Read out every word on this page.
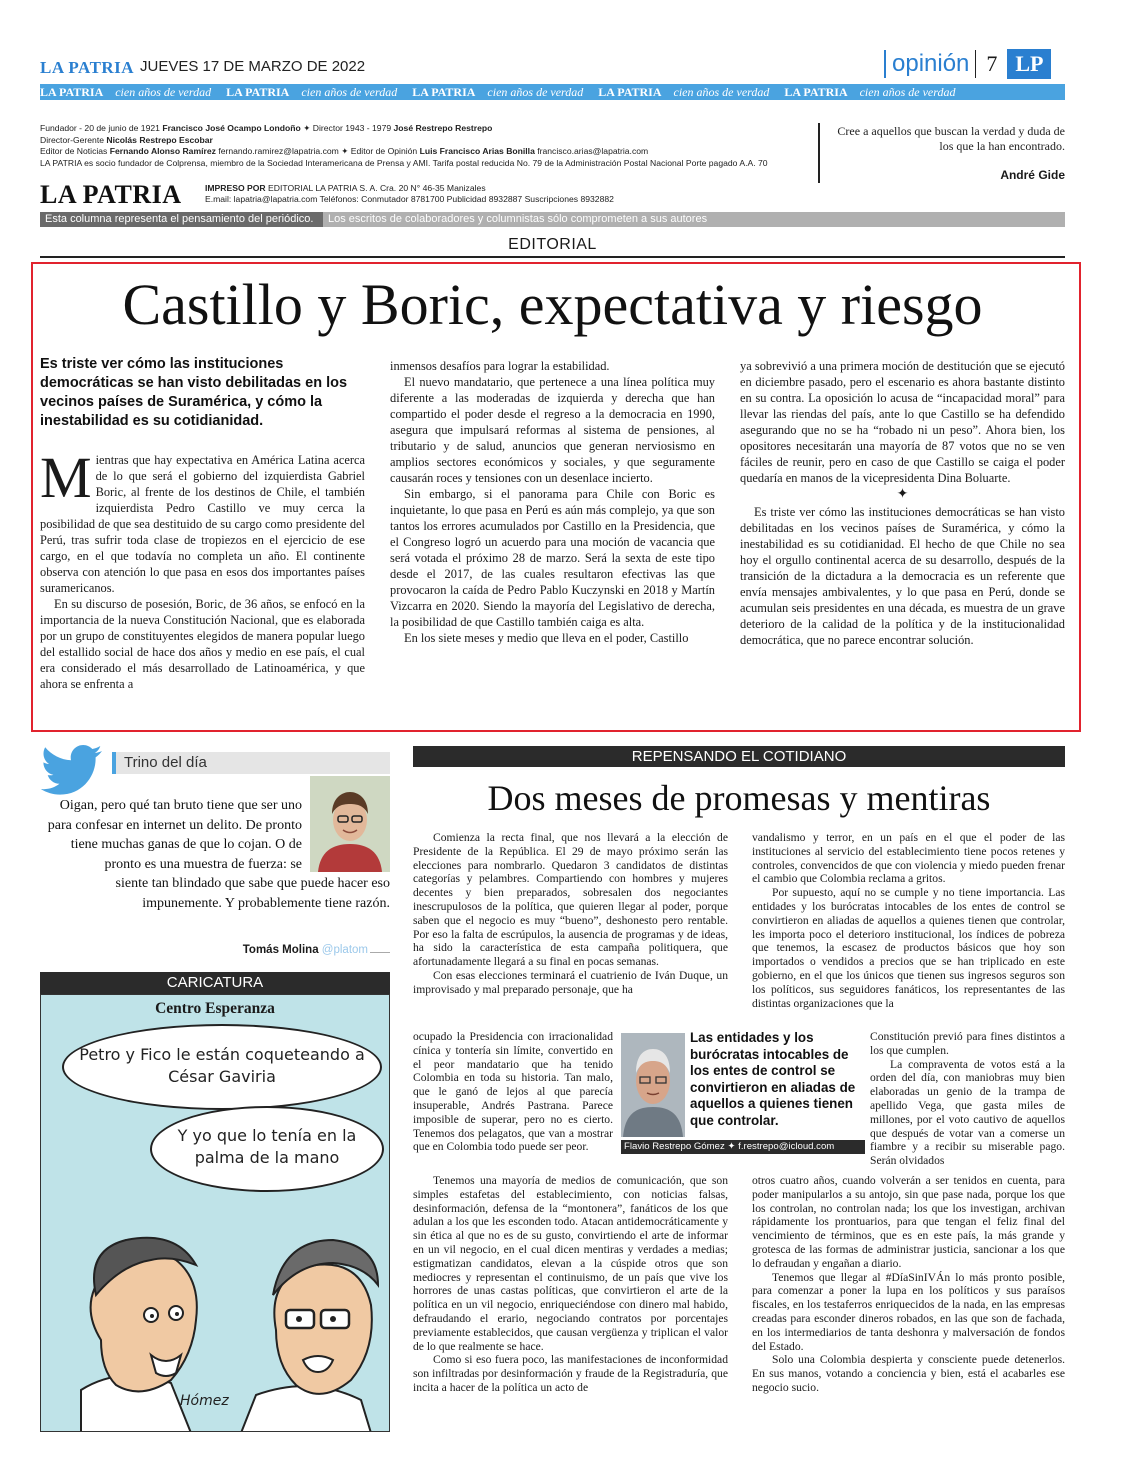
LA PATRIA JUEVES 17 DE MARZO DE 2022	opinión 7 LP
LA PATRIA cien años de verdad LA PATRIA cien años de verdad LA PATRIA cien años de verdad LA PATRIA cien años de verdad LA PATRIA cien años de verdad
Fundador - 20 de junio de 1921 Francisco José Ocampo Londoño ✦ Director 1943 - 1979 José Restrepo Restrepo
Director-Gerente Nicolás Restrepo Escobar
Editor de Noticias Fernando Alonso Ramírez fernando.ramirez@lapatria.com ✦ Editor de Opinión Luis Francisco Arias Bonilla francisco.arias@lapatria.com
LA PATRIA es socio fundador de Colprensa, miembro de la Sociedad Interamericana de Prensa y AMI. Tarifa postal reducida No. 79 de la Administración Postal Nacional Porte pagado A.A. 70
LA PATRIA	IMPRESO POR EDITORIAL LA PATRIA S. A. Cra. 20 N° 46-35 Manizales
E.mail: lapatria@lapatria.com Teléfonos: Conmutador 8781700 Publicidad 8932887 Suscripciones 8932882
Cree a aquellos que buscan la verdad y duda de los que la han encontrado.
André Gide
Esta columna representa el pensamiento del periódico.	Los escritos de colaboradores y columnistas sólo comprometen a sus autores
EDITORIAL
Castillo y Boric, expectativa y riesgo
Es triste ver cómo las instituciones democráticas se han visto debilitadas en los vecinos países de Suramérica, y cómo la inestabilidad es su cotidianidad.

Mientras que hay expectativa en América Latina acerca de lo que será el gobierno del izquierdista Gabriel Boric, al frente de los destinos de Chile, el también izquierdista Pedro Castillo ve muy cerca la posibilidad de que sea destituido de su cargo como presidente del Perú, tras sufrir toda clase de tropiezos en el ejercicio de ese cargo, en el que todavía no completa un año. El continente observa con atención lo que pasa en esos dos importantes países suramericanos.

En su discurso de posesión, Boric, de 36 años, se enfocó en la importancia de la nueva Constitución Nacional, que es elaborada por un grupo de constituyentes elegidos de manera popular luego del estallido social de hace dos años y medio en ese país, el cual era considerado el más desarrollado de Latinoamérica, y que ahora se enfrenta a

inmensos desafíos para lograr la estabilidad.

El nuevo mandatario, que pertenece a una línea política muy diferente a las moderadas de izquierda y derecha que han compartido el poder desde el regreso a la democracia en 1990, asegura que impulsará reformas al sistema de pensiones, al tributario y de salud, anuncios que generan nerviosismo en amplios sectores económicos y sociales, y que seguramente causarán roces y tensiones con un desenlace incierto.

Sin embargo, si el panorama para Chile con Boric es inquietante, lo que pasa en Perú es aún más complejo, ya que son tantos los errores acumulados por Castillo en la Presidencia, que el Congreso logró un acuerdo para una moción de vacancia que será votada el próximo 28 de marzo. Será la sexta de este tipo desde el 2017, de las cuales resultaron efectivas las que provocaron la caída de Pedro Pablo Kuczynski en 2018 y Martín Vizcarra en 2020. Siendo la mayoría del Legislativo de derecha, la posibilidad de que Castillo también caiga es alta.

En los siete meses y medio que lleva en el poder, Castillo

ya sobrevivió a una primera moción de destitución que se ejecutó en diciembre pasado, pero el escenario es ahora bastante distinto en su contra. La oposición lo acusa de “incapacidad moral” para llevar las riendas del país, ante lo que Castillo se ha defendido asegurando que no se ha “robado ni un peso”. Ahora bien, los opositores necesitarán una mayoría de 87 votos que no se ven fáciles de reunir, pero en caso de que Castillo se caiga el poder quedaría en manos de la vicepresidenta Dina Boluarte.

✦

Es triste ver cómo las instituciones democráticas se han visto debilitadas en los vecinos países de Suramérica, y cómo la inestabilidad es su cotidianidad. El hecho de que Chile no sea hoy el orgullo continental acerca de su desarrollo, después de la transición de la dictadura a la democracia es un referente que envía mensajes ambivalentes, y lo que pasa en Perú, donde se acumulan seis presidentes en una década, es muestra de un grave deterioro de la calidad de la política y de la institucionalidad democrática, que no parece encontrar solución.

Trino del día
Oigan, pero qué tan bruto tiene que ser uno para confesar en internet un delito. De pronto tiene muchas ganas de que lo cojan. O de pronto es una muestra de fuerza: se
siente tan blindado que sabe que puede hacer eso impunemente. Y probablemente tiene razón.
Tomás Molina @platom
CARICATURA
Centro Esperanza
Petro y Fico le están coqueteando a César Gaviria
Y yo que lo tenía en la palma de la mano
Hómez
REPENSANDO EL COTIDIANO
Dos meses de promesas y mentiras

Comienza la recta final, que nos llevará a la elección de Presidente de la República. El 29 de mayo próximo serán las elecciones para nombrarlo. Quedaron 3 candidatos de distintas categorías y pelambres. Compartiendo con hombres y mujeres decentes y bien preparados, sobresalen dos negociantes inescrupulosos de la política, que quieren llegar al poder, porque saben que el negocio es muy “bueno”, deshonesto pero rentable. Por eso la falta de escrúpulos, la ausencia de programas y de ideas, ha sido la característica de esta campaña politiquera, que afortunadamente llegará a su final en pocas semanas.

Con esas elecciones terminará el cuatrienio de Iván Duque, un improvisado y mal preparado personaje, que ha

ocupado la Presidencia con irracionalidad cínica y tontería sin límite, convertido en el peor mandatario que ha tenido Colombia en toda su historia. Tan malo, que le ganó de lejos al que parecía insuperable, Andrés Pastrana. Parece imposible de superar, pero no es cierto. Tenemos dos pelagatos, que van a mostrar que en Colombia todo puede ser peor.

Tenemos una mayoría de medios de comunicación, que son simples estafetas del establecimiento, con noticias falsas, desinformación, defensa de la “montonera”, fanáticos de los que adulan a los que les esconden todo. Atacan antidemocráticamente y sin ética al que no es de su gusto, convirtiendo el arte de informar en un vil negocio, en el cual dicen mentiras y verdades a medias; estigmatizan candidatos, elevan a la cúspide otros que son mediocres y representan el continuismo, de un país que vive los horrores de unas castas políticas, que convirtieron el arte de la política en un vil negocio, enriqueciéndose con dinero mal habido, defraudando el erario, negociando contratos por porcentajes previamente establecidos, que causan vergüenza y triplican el valor de lo que realmente se hace.

Como si eso fuera poco, las manifestaciones de inconformidad son infiltradas por desinformación y fraude de la Registraduría, que incita a hacer de la política un acto de

vandalismo y terror, en un país en el que el poder de las instituciones al servicio del establecimiento tiene pocos retenes y controles, convencidos de que con violencia y miedo pueden frenar el cambio que Colombia reclama a gritos.

Por supuesto, aquí no se cumple y no tiene importancia. Las entidades y los burócratas intocables de los entes de control se convirtieron en aliadas de aquellos a quienes tienen que controlar, les importa poco el deterioro institucional, los índices de pobreza que tenemos, la escasez de productos básicos que hoy son importados o vendidos a precios que se han triplicado en este gobierno, en el que los únicos que tienen sus ingresos seguros son los políticos, sus seguidores fanáticos, los representantes de las distintas organizaciones que la

Constitución previó para fines distintos a los que cumplen.

La compraventa de votos está a la orden del día, con maniobras muy bien elaboradas un genio de la trampa de apellido Vega, que gasta miles de millones, por el voto cautivo de aquellos que después de votar van a comerse un fiambre y a recibir su miserable pago. Serán olvidados

otros cuatro años, cuando volverán a ser tenidos en cuenta, para poder manipularlos a su antojo, sin que pase nada, porque los que los controlan, no controlan nada; los que los investigan, archivan rápidamente los prontuarios, para que tengan el feliz final del vencimiento de términos, que es en este país, la más grande y grotesca de las formas de administrar justicia, sancionar a los que lo defraudan y engañan a diario.

Tenemos que llegar al #DíaSinIVÁn lo más pronto posible, para comenzar a poner la lupa en los políticos y sus paraísos fiscales, en los testaferros enriquecidos de la nada, en las empresas creadas para esconder dineros robados, en las que son de fachada, en los intermediarios de tanta deshonra y malversación de fondos del Estado.

Solo una Colombia despierta y consciente puede detenerlos. En sus manos, votando a conciencia y bien, está el acabarles ese negocio sucio.

Las entidades y los burócratas intocables de los entes de control se convirtieron en aliadas de aquellos a quienes tienen que controlar.
Flavio Restrepo Gómez ✦ f.restrepo@icloud.com
